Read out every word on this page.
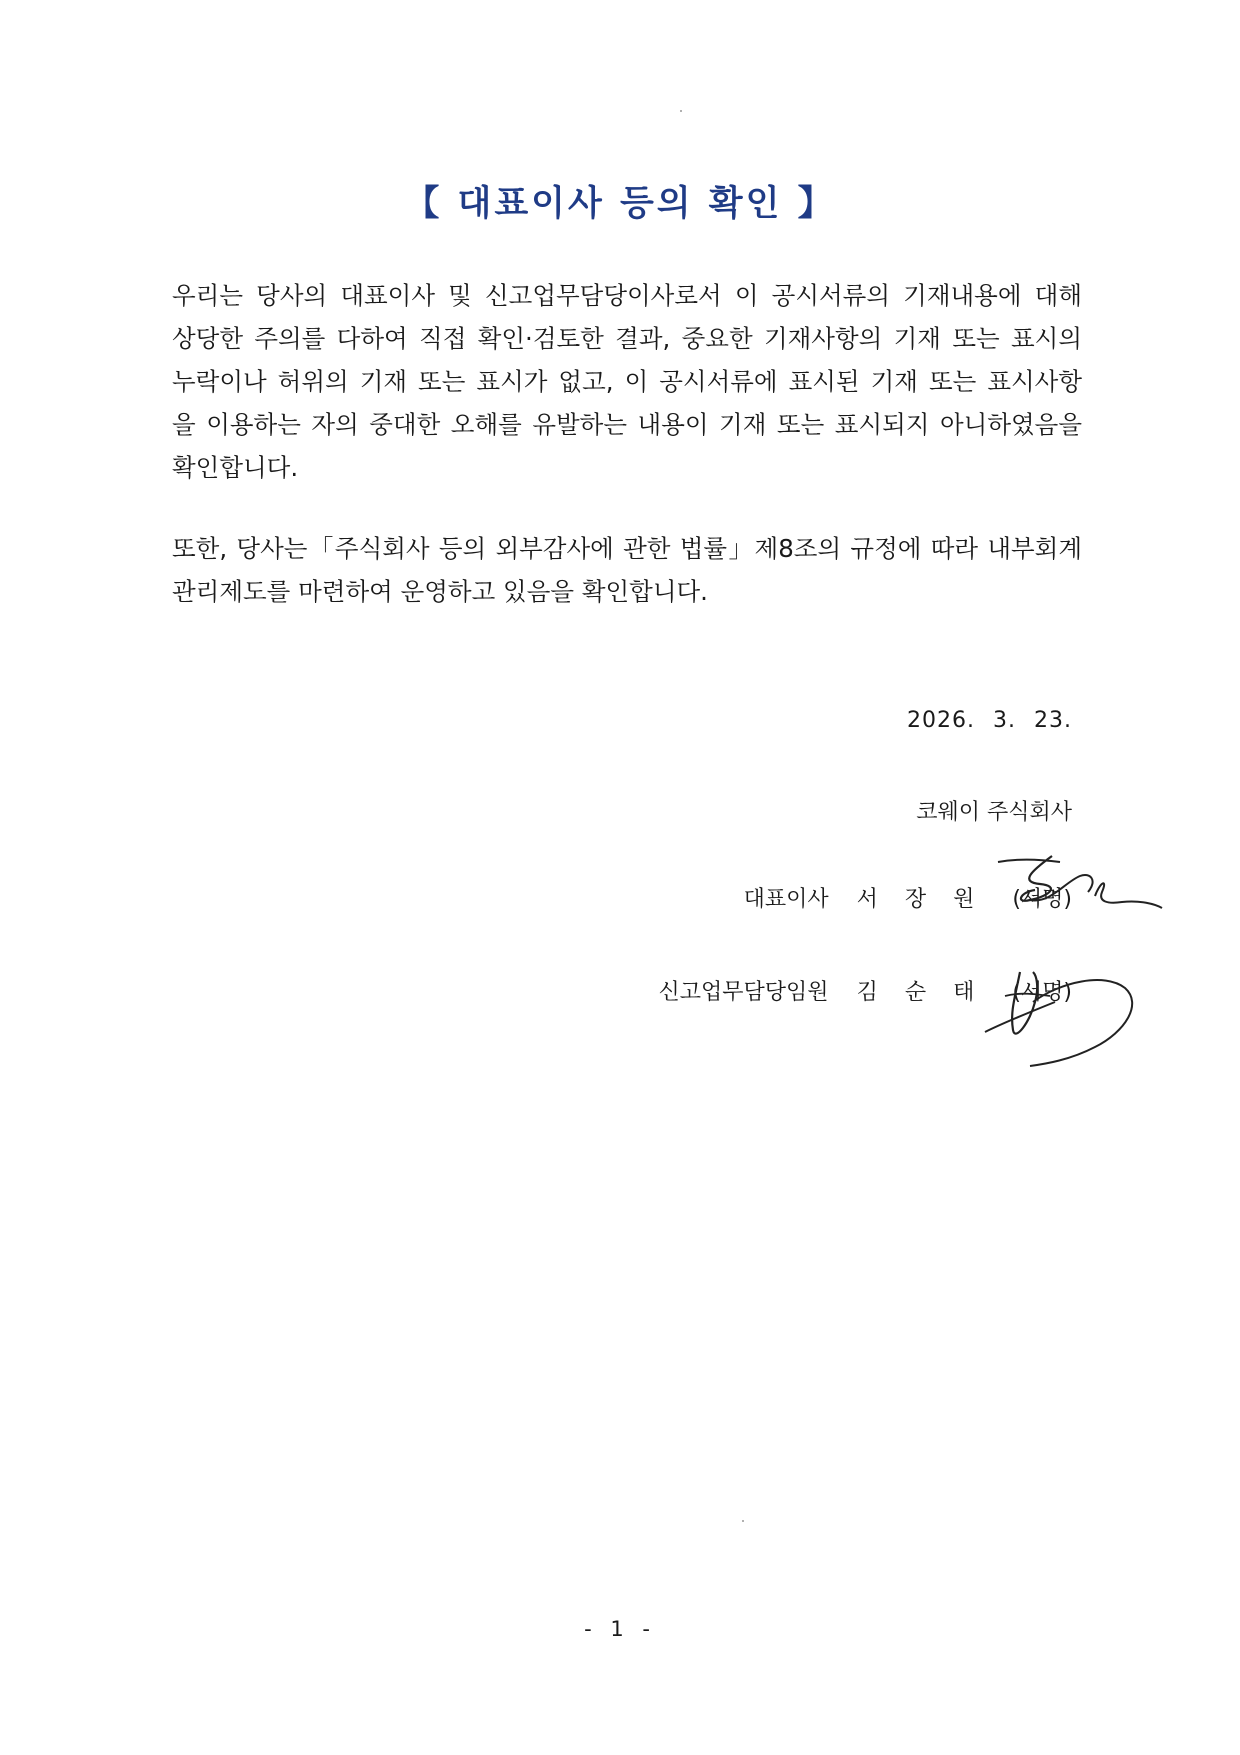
【 대표이사 등의 확인 】
우리는 당사의 대표이사 및 신고업무담당이사로서 이 공시서류의 기재내용에 대해
상당한 주의를 다하여 직접 확인·검토한 결과, 중요한 기재사항의 기재 또는 표시의
누락이나 허위의 기재 또는 표시가 없고, 이 공시서류에 표시된 기재 또는 표시사항
을 이용하는 자의 중대한 오해를 유발하는 내용이 기재 또는 표시되지 아니하였음을
확인합니다.
또한, 당사는「주식회사 등의 외부감사에 관한 법률」제8조의 규정에 따라 내부회계
관리제도를 마련하여 운영하고 있음을 확인합니다.
2026. 3. 23.
코웨이 주식회사
대표이사 서 장 원 (서명)
신고업무담당임원 김 순 태 (서명)
- 1 -
